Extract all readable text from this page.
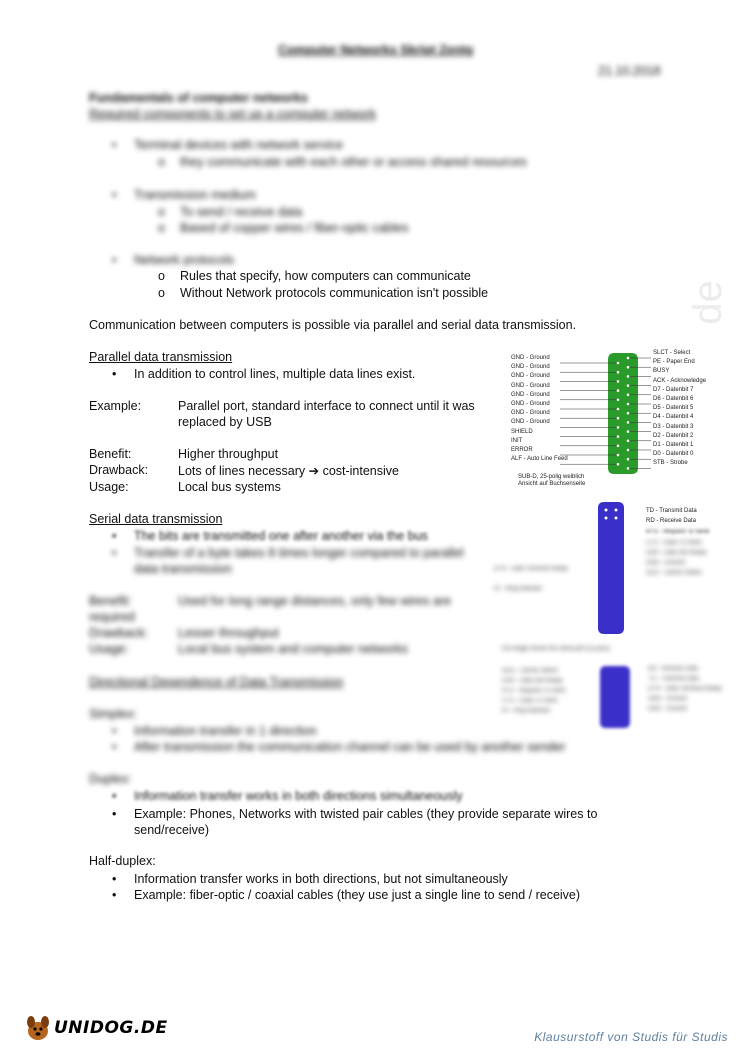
Computer Networks Skript Zentg
21.10.2018
Fundamentals of computer networks
Required components to set up a computer network
• Terminal devices with network service
o they communicate with each other or access shared resources
• Transmission medium
o To send / receive data
o Based of copper wires / fiber-optic cables
• Network protocols
o Rules that specify, how computers can communicate
o Without Network protocols communication isn't possible
Communication between computers is possible via parallel and serial data transmission.
Parallel data transmission
• In addition to control lines, multiple data lines exist.
Example:	Parallel port, standard interface to connect until it was
replaced by USB
Benefit:	Higher throughput
Drawback: Lots of lines necessary ➔ cost-intensive
Usage:	Local bus systems
Serial data transmission
• The bits are transmitted one after another via the bus
• Transfer of a byte takes 8 times longer compared to parallel
data transmission
Benefit:	Used for long range distances, only few wires are
required
Drawback: Lesser throughput
Usage:	Local bus system and computer networks
Directional Dependence of Data Transmission
Simplex:
• Information transfer in 1 direction
• After transmission the communication channel can be used by another sender
Duplex:
• Information transfer works in both directions simultaneously
• Example: Phones, Networks with twisted pair cables (they provide separate wires to
send/receive)
Half-duplex:
• Information transfer works in both directions, but not simultaneously
• Example: fiber-optic / coaxial cables (they use just a single line to send / receive)
de
GND - Ground
GND - Ground
GND - Ground
GND - Ground
GND - Ground
GND - Ground
GND - Ground
GND - Ground
SHIELD
INIT
ERROR
ALF - Auto Line Feed
SLCT - Select
PE - Paper End
BUSY
ACK - Acknowledge
D7 - Datenbit 7
D6 - Datenbit 6
D5 - Datenbit 5
D4 - Datenbit 4
D3 - Datenbit 3
D2 - Datenbit 2
D1 - Datenbit 1
D0 - Datenbit 0
STB - Strobe
SUB-D, 25-polig weiblich
Ansicht auf Buchsenseite
TD - Transmit Data
RD - Receive Data
RTS - Request To Send
CTS - Clear To Send
DSR - Data Set Ready
GND - Ground
DCD - Carrier Detect
DTR - Data Terminal Ready
RI - Ring Indicator
The image shows the serial port (25 pins)
DCD - Carrier Detect
DSR - Data Set Ready
RTS - Request To Send
CTS - Clear To Send
RI - Ring Indicator
RD - Receive Data
TD - Transmit Data
DTR - Data Terminal Ready
GND - Ground
GND - Ground
UNIDOG.DE	Klausurstoff von Studis für Studis
